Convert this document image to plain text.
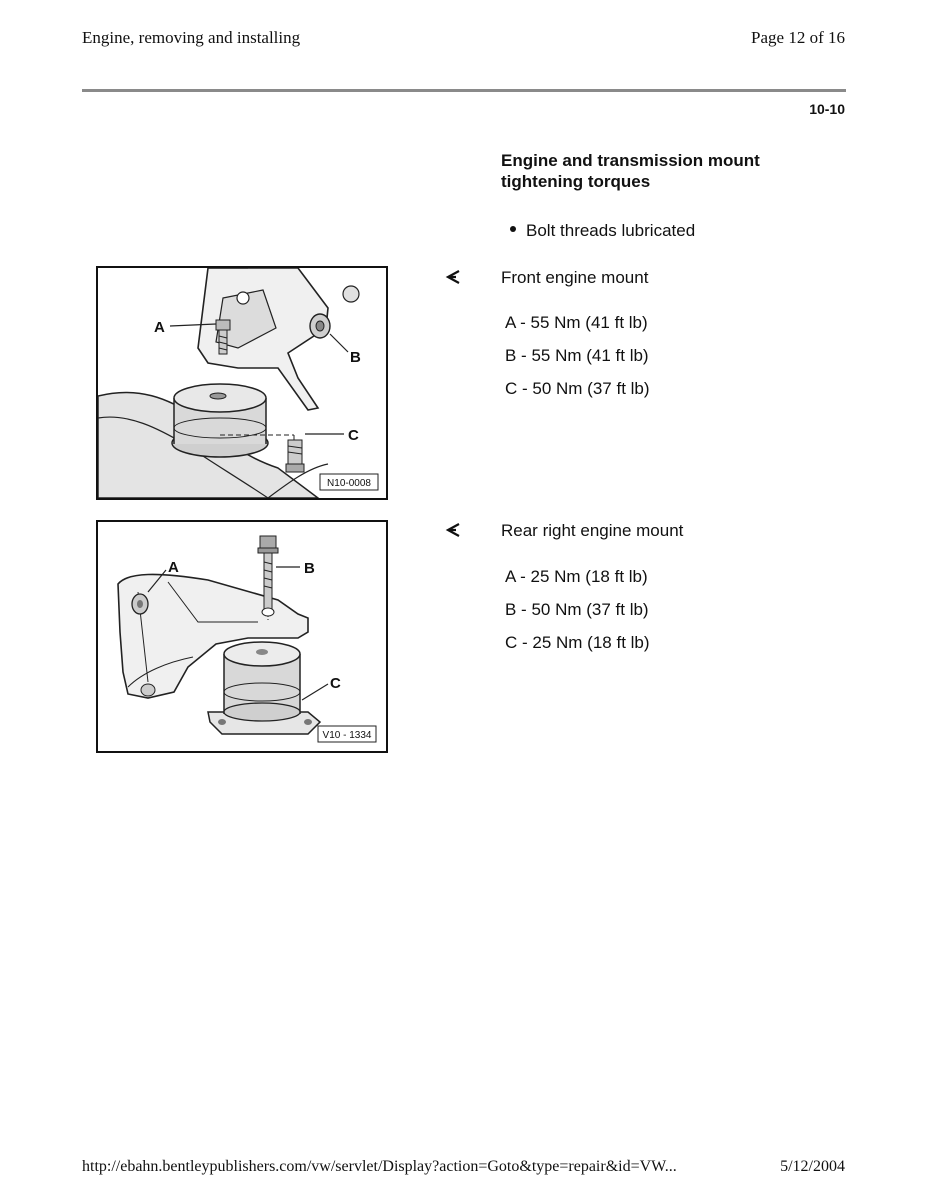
Engine, removing and installing	Page 12 of 16
10-10
Engine and transmission mount tightening torques
Bolt threads lubricated
Front engine mount
A - 55 Nm (41 ft lb)
B - 55 Nm (41 ft lb)
C - 50 Nm (37 ft lb)
A
B
C
N10-0008
Rear right engine mount
A - 25 Nm (18 ft lb)
B - 50 Nm (37 ft lb)
C - 25 Nm (18 ft lb)
A	B
C
V10 - 1334
http://ebahn.bentleypublishers.com/vw/servlet/Display?action=Goto&type=repair&id=VW...	5/12/2004
